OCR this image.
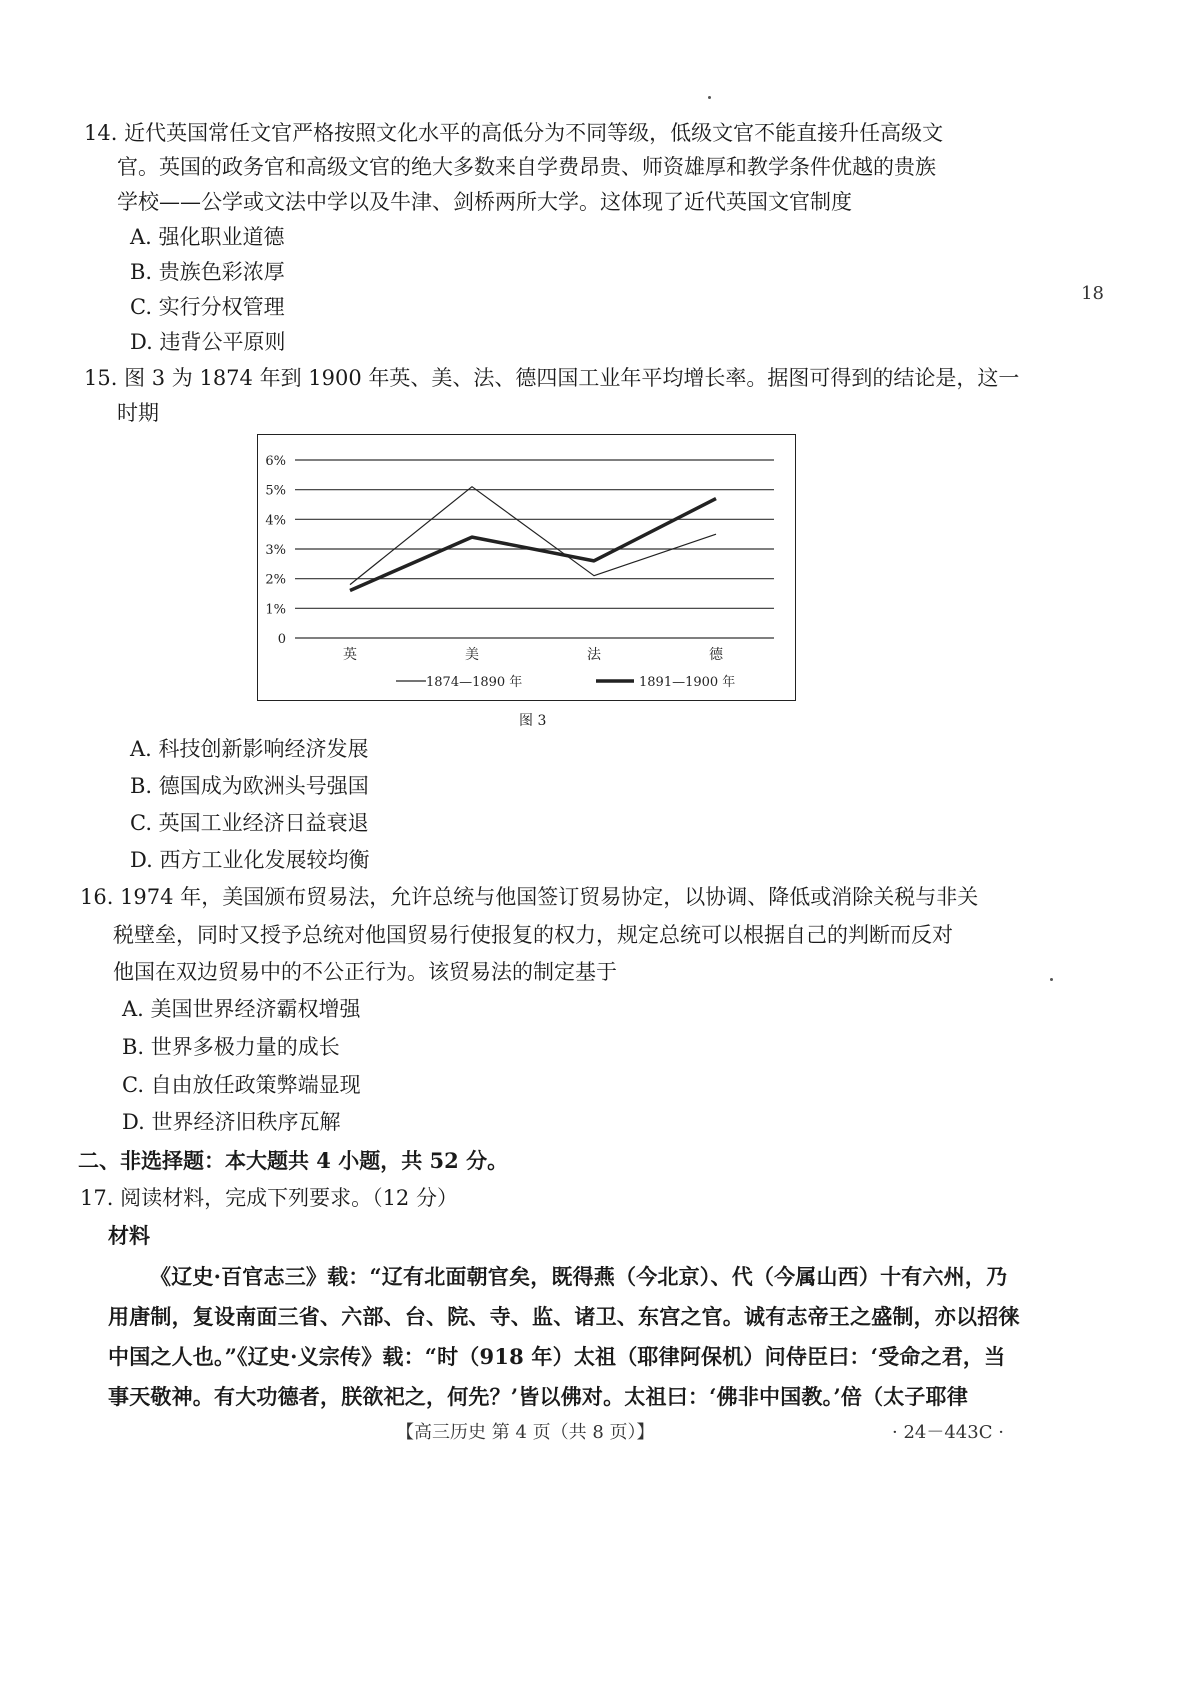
14. 近代英国常任文官严格按照文化水平的高低分为不同等级，低级文官不能直接升任高级文
官。英国的政务官和高级文官的绝大多数来自学费昂贵、师资雄厚和教学条件优越的贵族
学校——公学或文法中学以及牛津、剑桥两所大学。这体现了近代英国文官制度
A. 强化职业道德
B. 贵族色彩浓厚
C. 实行分权管理
D. 违背公平原则
18
15. 图 3 为 1874 年到 1900 年英、美、法、德四国工业年平均增长率。据图可得到的结论是，这一
时期
0
1%
2%
3%
4%
5%
6%
英	美	法	德
1874—1890 年	1891—1900 年
图 3
A. 科技创新影响经济发展
B. 德国成为欧洲头号强国
C. 英国工业经济日益衰退
D. 西方工业化发展较均衡
16. 1974 年，美国颁布贸易法，允许总统与他国签订贸易协定，以协调、降低或消除关税与非关
税壁垒，同时又授予总统对他国贸易行使报复的权力，规定总统可以根据自己的判断而反对
他国在双边贸易中的不公正行为。该贸易法的制定基于
A. 美国世界经济霸权增强
B. 世界多极力量的成长
C. 自由放任政策弊端显现
D. 世界经济旧秩序瓦解
二、非选择题：本大题共 4 小题，共 52 分。
17. 阅读材料，完成下列要求。（12 分）
材料
《辽史·百官志三》载：“辽有北面朝官矣，既得燕（今北京）、代（今属山西）十有六州，乃
用唐制，复设南面三省、六部、台、院、寺、监、诸卫、东宫之官。诚有志帝王之盛制，亦以招徕
中国之人也。”《辽史·义宗传》载：“时（918 年）太祖（耶律阿保机）问侍臣曰：‘受命之君，当
事天敬神。有大功德者，朕欲祀之，何先？’皆以佛对。太祖曰：‘佛非中国教。’倍（太子耶律
【高三历史 第 4 页（共 8 页）】	· 24－443C ·
